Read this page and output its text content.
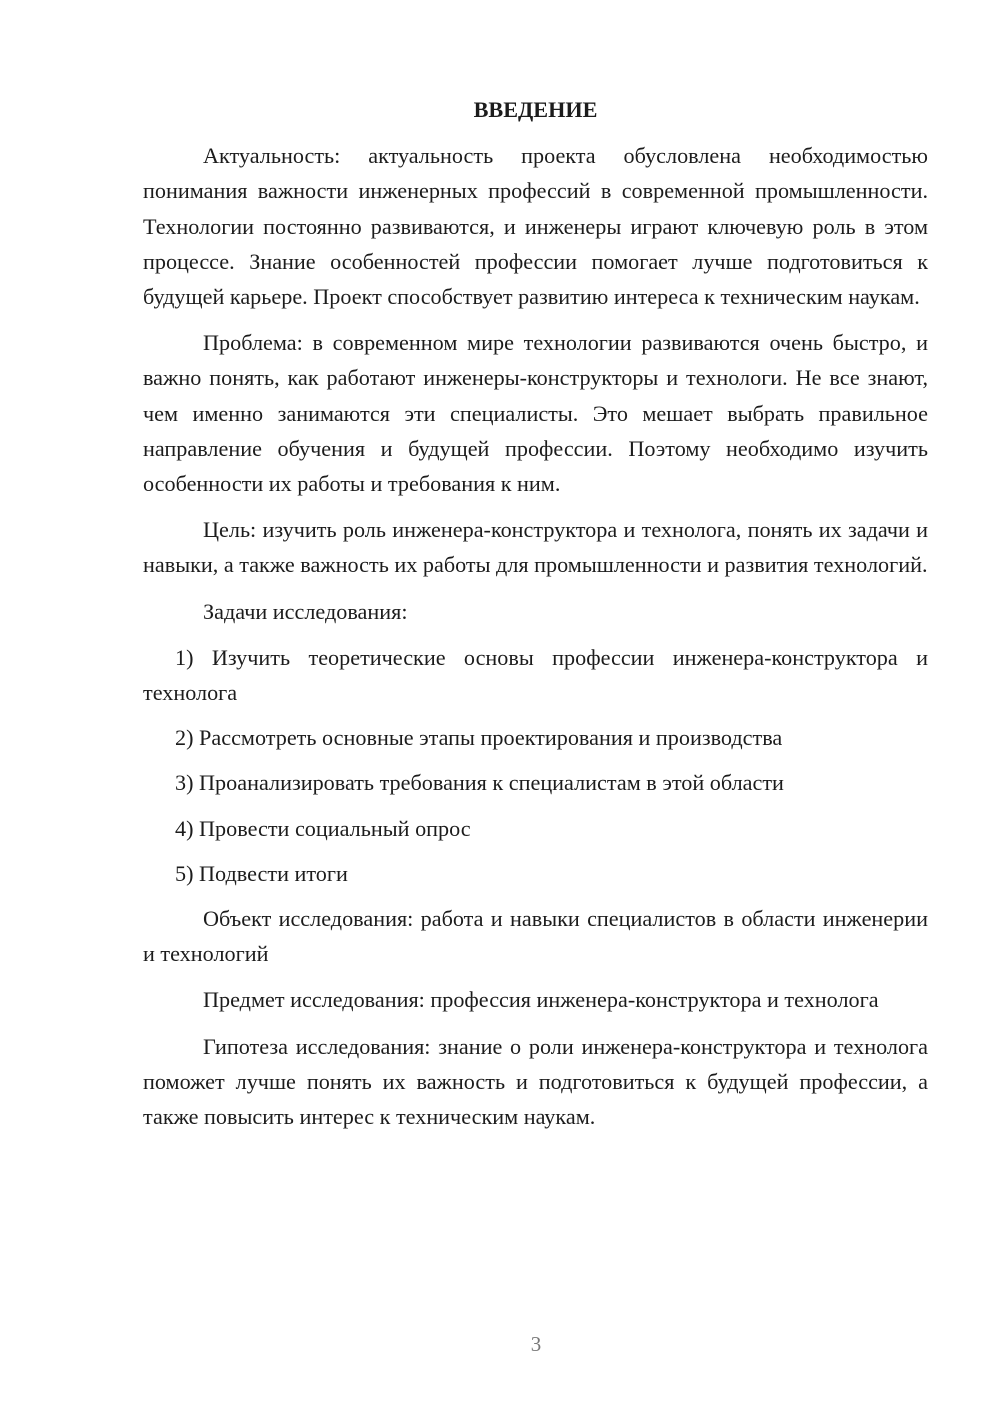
ВВЕДЕНИЕ

Актуальность: актуальность проекта обусловлена необходимостью понимания важности инженерных профессий в современной промышленности. Технологии постоянно развиваются, и инженеры играют ключевую роль в этом процессе. Знание особенностей профессии помогает лучше подготовиться к будущей карьере. Проект способствует развитию интереса к техническим наукам.

Проблема: в современном мире технологии развиваются очень быстро, и важно понять, как работают инженеры-конструкторы и технологи. Не все знают, чем именно занимаются эти специалисты. Это мешает выбрать правильное направление обучения и будущей профессии. Поэтому необходимо изучить особенности их работы и требования к ним.

Цель: изучить роль инженера-конструктора и технолога, понять их задачи и навыки, а также важность их работы для промышленности и развития технологий.

Задачи исследования:

1) Изучить теоретические основы профессии инженера-конструктора и технолога

2) Рассмотреть основные этапы проектирования и производства

3) Проанализировать требования к специалистам в этой области

4) Провести социальный опрос

5) Подвести итоги

Объект исследования: работа и навыки специалистов в области инженерии и технологий

Предмет исследования: профессия инженера-конструктора и технолога

Гипотеза исследования: знание о роли инженера-конструктора и технолога поможет лучше понять их важность и подготовиться к будущей профессии, а также повысить интерес к техническим наукам.

3
